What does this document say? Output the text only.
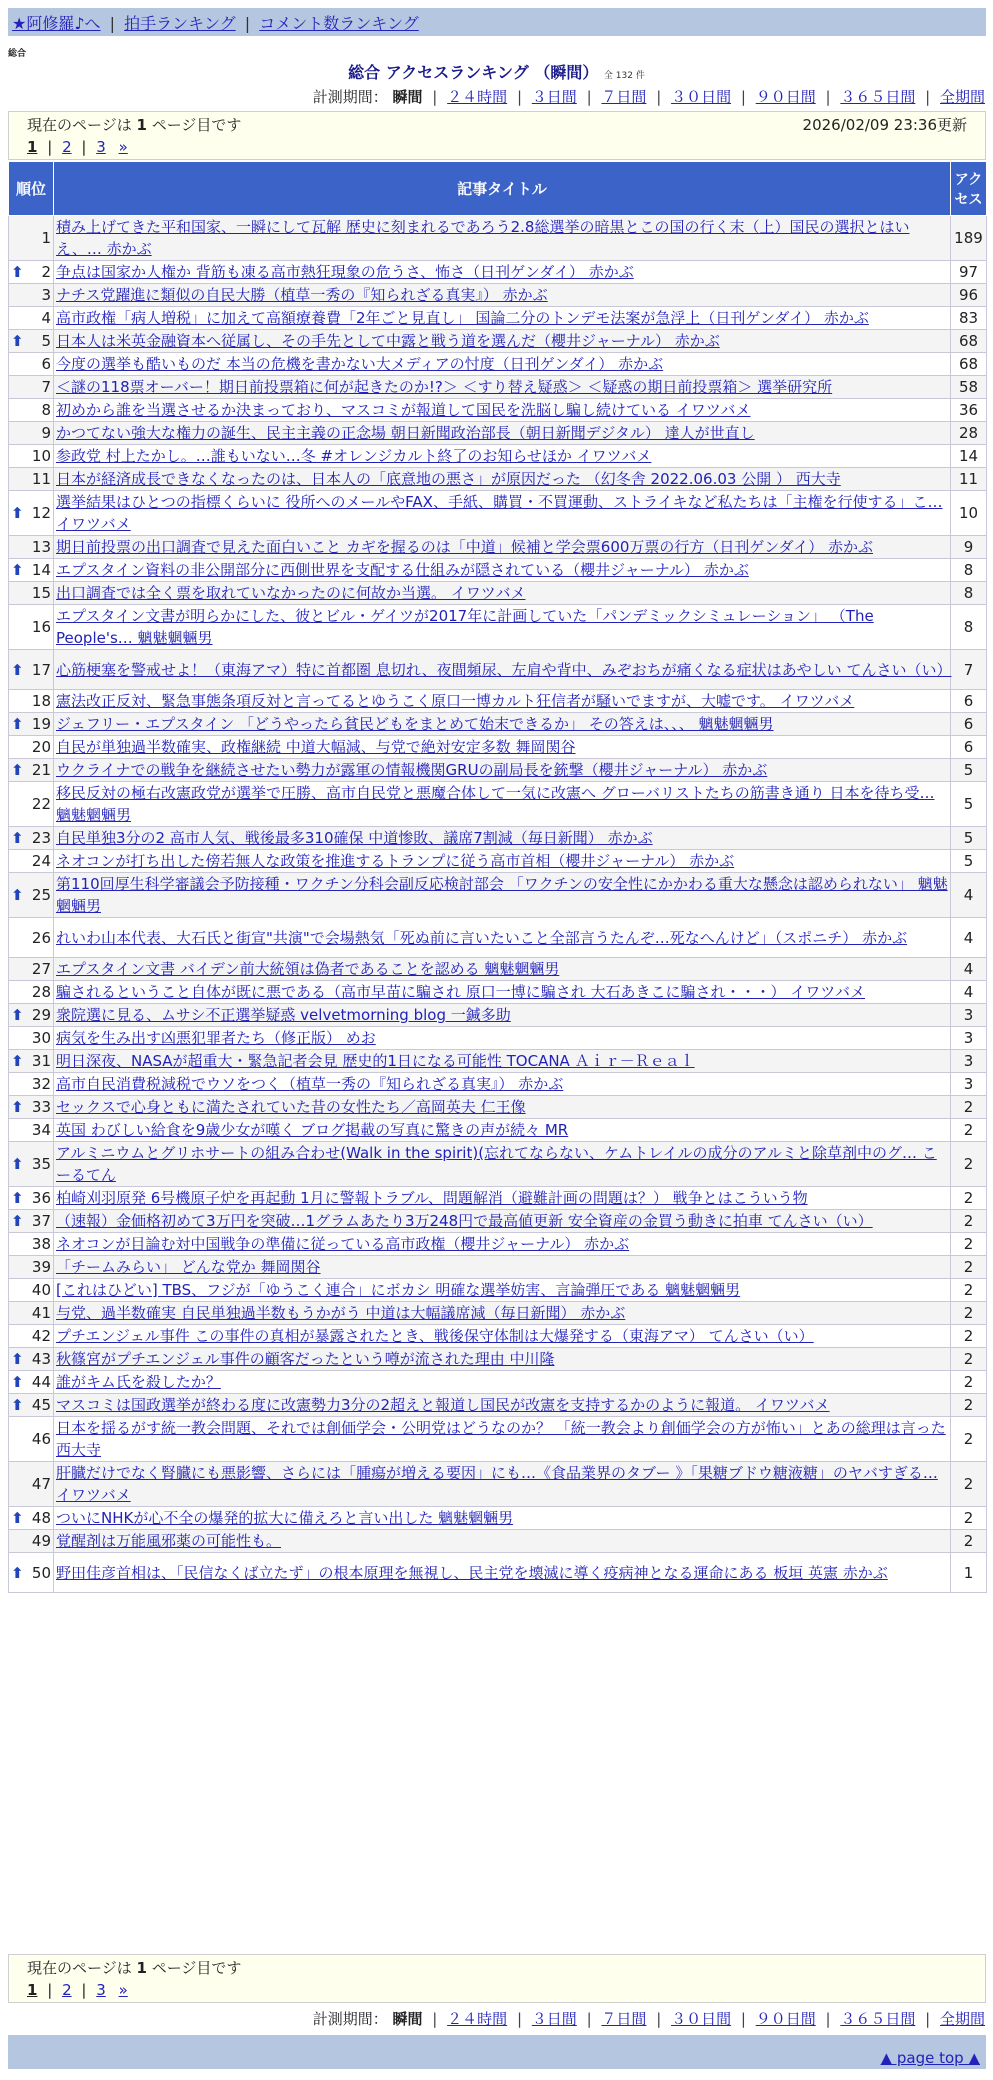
★阿修羅♪へ | 拍手ランキング | コメント数ランキング
総合
総合 アクセスランキング （瞬間） 全 132 件
計測期間： 瞬間 | ２４時間 | ３日間 | ７日間 | ３０日間 | ９０日間 | ３６５日間 | 全期間
現在のページは 1 ページ目です	2026/02/09 23:36更新
1 | 2 | 3 »
順位	記事タイトル	アクセス
1	積み上げてきた平和国家、一瞬にして瓦解 歴史に刻まれるであろう2.8総選挙の暗黒とこの国の行く末（上）国民の選択とはいえ、… 赤かぶ	189

⬆ 2	争点は国家か人権か 背筋も凍る高市熱狂現象の危うさ、怖さ（日刊ゲンダイ） 赤かぶ	97
3	ナチス党躍進に類似の自民大勝（植草一秀の『知られざる真実』） 赤かぶ	96
4	高市政権「病人増税」に加えて高額療養費「2年ごと見直し」 国論二分のトンデモ法案が急浮上（日刊ゲンダイ） 赤かぶ	83

⬆ 5	日本人は米英金融資本へ従属し、その手先として中露と戦う道を選んだ（櫻井ジャーナル） 赤かぶ	68
6	今度の選挙も酷いものだ 本当の危機を書かない大メディアの忖度（日刊ゲンダイ） 赤かぶ	68
7	＜謎の118票オーバー！期日前投票箱に何が起きたのか!?＞ ＜すり替え疑惑＞ ＜疑惑の期日前投票箱＞ 選挙研究所	58
8	初めから誰を当選させるか決まっており、マスコミが報道して国民を洗脳し騙し続けている イワツバメ	36
9	かつてない強大な権力の誕生、民主主義の正念場 朝日新聞政治部長（朝日新聞デジタル） 達人が世直し	28
10	参政党 村上たかし。…誰もいない…冬 #オレンジカルト終了のお知らせほか イワツバメ	14
11	日本が経済成長できなくなったのは、日本人の「底意地の悪さ」が原因だった （幻冬舎 2022.06.03 公開 ） 西大寺	11

⬆ 12	選挙結果はひとつの指標くらいに 役所へのメールやFAX、手紙、購買・不買運動、ストライキなど私たちは「主権を行使する」こ… イワツバメ	10
13	期日前投票の出口調査で見えた面白いこと カギを握るのは「中道」候補と学会票600万票の行方（日刊ゲンダイ） 赤かぶ	9

⬆ 14	エプスタイン資料の非公開部分に西側世界を支配する仕組みが隠されている（櫻井ジャーナル） 赤かぶ	8
15	出口調査では全く票を取れていなかったのに何故か当選。 イワツバメ	8
16	エプスタイン文書が明らかにした、彼とビル・ゲイツが2017年に計画していた「パンデミックシミュレーション」 （The People's… 魑魅魍魎男	8

⬆ 17	心筋梗塞を警戒せよ！（東海アマ）特に首都圏 息切れ、夜間頻尿、左肩や背中、みぞおちが痛くなる症状はあやしい てんさい（い）	7
18	憲法改正反対、緊急事態条項反対と言ってるとゆうこく原口一博カルト狂信者が騒いでますが、大嘘です。 イワツバメ	6

⬆ 19	ジェフリー・エプスタイン 「どうやったら貧民どもをまとめて始末できるか」 その答えは、、、 魑魅魍魎男	6
20	自民が単独過半数確実、政権継続 中道大幅減、与党で絶対安定多数 舞岡関谷	6

⬆ 21	ウクライナでの戦争を継続させたい勢力が露軍の情報機関GRUの副局長を銃撃（櫻井ジャーナル） 赤かぶ	5
22	移民反対の極右改憲政党が選挙で圧勝、高市自民党と悪魔合体して一気に改憲へ グローバリストたちの筋書き通り 日本を待ち受… 魑魅魍魎男	5

⬆ 23	自民単独3分の2 高市人気、戦後最多310確保 中道惨敗、議席7割減（毎日新聞） 赤かぶ	5
24	ネオコンが打ち出した傍若無人な政策を推進するトランプに従う高市首相（櫻井ジャーナル） 赤かぶ	5

⬆ 25	第110回厚生科学審議会予防接種・ワクチン分科会副反応検討部会 「ワクチンの安全性にかかわる重大な懸念は認められない」 魑魅魍魎男	4
26	れいわ山本代表、大石氏と街宣"共演"で会場熱気「死ぬ前に言いたいこと全部言うたんぞ…死なへんけど」（スポニチ） 赤かぶ	4
27	エプスタイン文書 バイデン前大統領は偽者であることを認める 魑魅魍魎男	4
28	騙されるということ自体が既に悪である（高市早苗に騙され 原口一博に騙され 大石あきこに騙され・・・） イワツバメ	4

⬆ 29	衆院選に見る、ムサシ不正選挙疑惑 velvetmorning blog 一鍼多助	3
30	病気を生み出す凶悪犯罪者たち（修正版） めお	3

⬆ 31	明日深夜、NASAが超重大・緊急記者会見 歴史的1日になる可能性 TOCANA Ａｉｒ－Ｒｅａｌ	3
32	高市自民消費税減税でウソをつく（植草一秀の『知られざる真実』） 赤かぶ	3

⬆ 33	セックスで心身ともに満たされていた昔の女性たち／高岡英夫 仁王像	2
34	英国 わびしい給食を9歳少女が嘆く ブログ掲載の写真に驚きの声が続々 MR	2

⬆ 35	アルミニウムとグリホサートの組み合わせ(Walk in the spirit)(忘れてならない、ケムトレイルの成分のアルミと除草剤中のグ… こーるてん	2

⬆ 36	柏崎刈羽原発 6号機原子炉を再起動 1月に警報トラブル、問題解消（避難計画の問題は？） 戦争とはこういう物	2

⬆ 37	（速報）金価格初めて3万円を突破…1グラムあたり3万248円で最高値更新 安全資産の金買う動きに拍車 てんさい（い）	2
38	ネオコンが目論む対中国戦争の準備に従っている高市政権（櫻井ジャーナル） 赤かぶ	2
39	「チームみらい」 どんな党か 舞岡関谷	2
40	[これはひどい] TBS、フジが「ゆうこく連合」にボカシ 明確な選挙妨害、言論弾圧である 魑魅魍魎男	2
41	与党、過半数確実 自民単独過半数もうかがう 中道は大幅議席減（毎日新聞） 赤かぶ	2
42	プチエンジェル事件 この事件の真相が暴露されたとき、戦後保守体制は大爆発する（東海アマ） てんさい（い）	2

⬆ 43	秋篠宮がプチエンジェル事件の顧客だったという噂が流された理由 中川隆	2

⬆ 44	誰がキム氏を殺したか？	2

⬆ 45	マスコミは国政選挙が終わる度に改憲勢力3分の2超えと報道し国民が改憲を支持するかのように報道。 イワツバメ	2
46	日本を揺るがす統一教会問題、それでは創価学会・公明党はどうなのか？ 「統一教会より創価学会の方が怖い」とあの総理は言った 西大寺	2
47	肝臓だけでなく腎臓にも悪影響、さらには「腫瘍が増える要因」にも…《食品業界のタブー 》「果糖ブドウ糖液糖」のヤバすぎる… イワツバメ	2

⬆ 48	ついにNHKが心不全の爆発的拡大に備えろと言い出した 魑魅魍魎男	2
49	覚醒剤は万能風邪薬の可能性も。	2

⬆ 50	野田佳彦首相は、「民信なくば立たず」の根本原理を無視し、民主党を壊滅に導く疫病神となる運命にある 板垣 英憲 赤かぶ	1
現在のページは 1 ページ目です
1 | 2 | 3 »
計測期間： 瞬間 | ２４時間 | ３日間 | ７日間 | ３０日間 | ９０日間 | ３６５日間 | 全期間
▲ page top ▲
